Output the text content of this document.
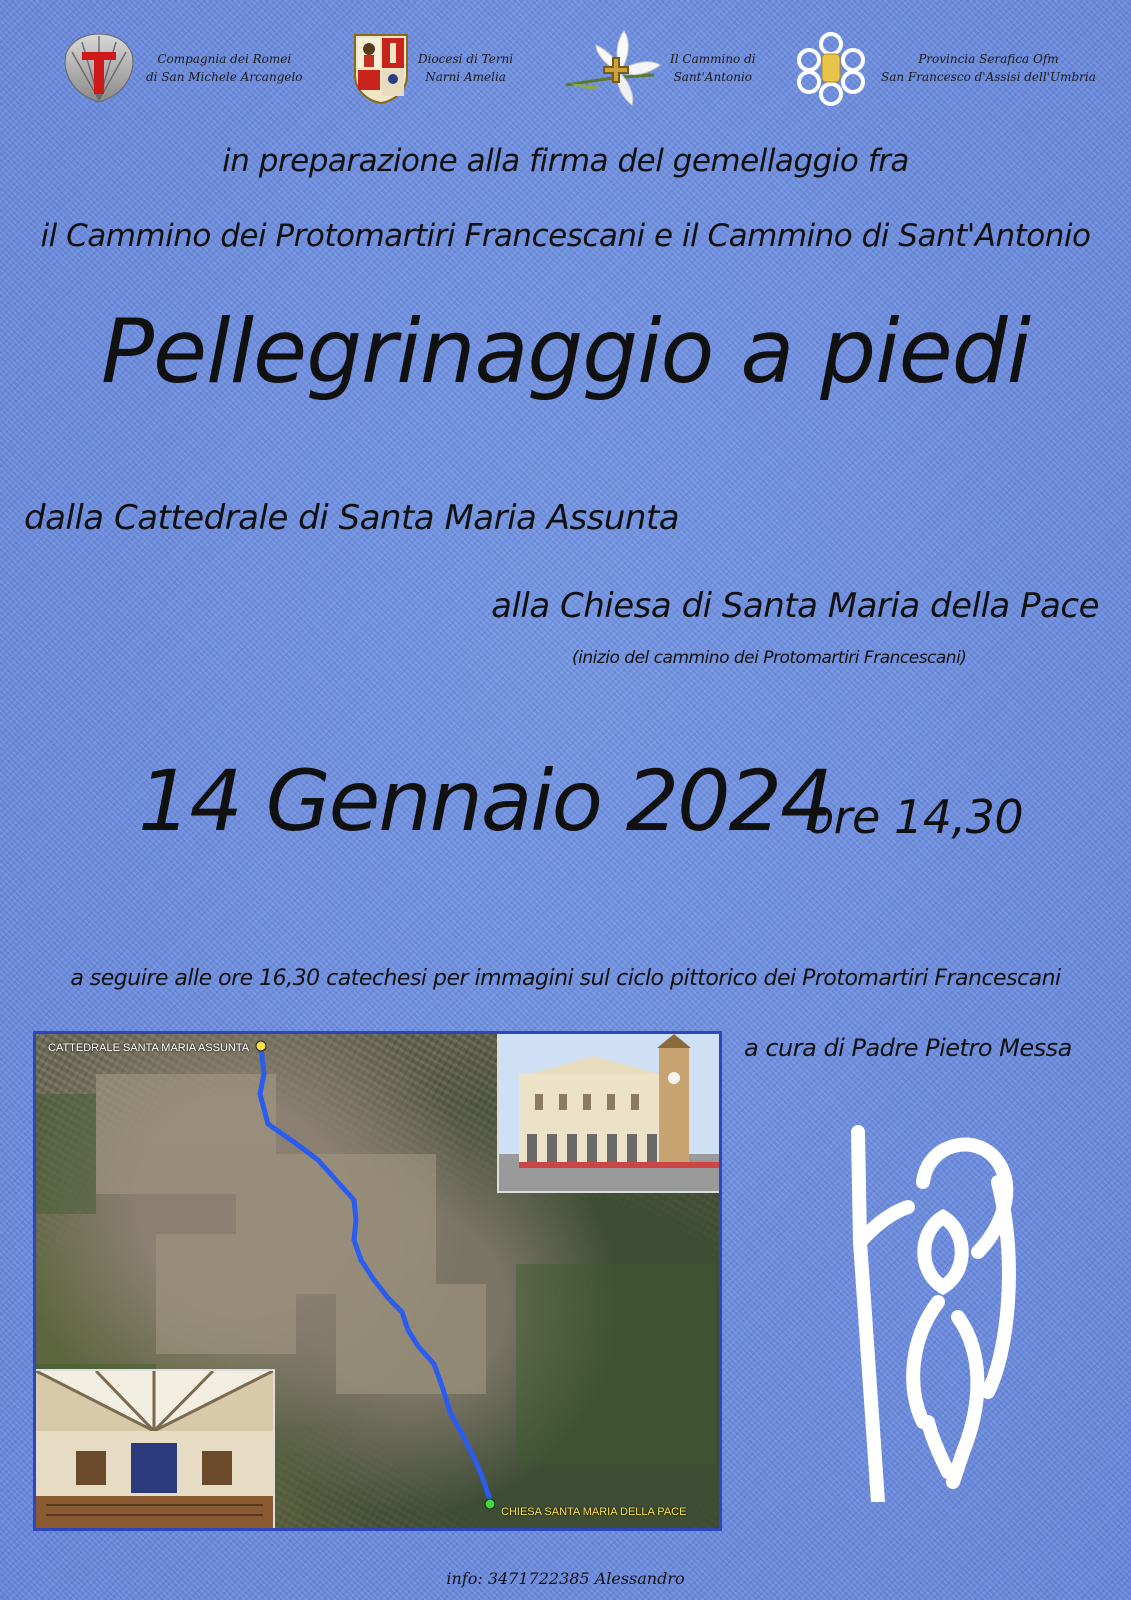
Compagnia dei Romei
di San Michele Arcangelo
Diocesi di Terni
Narni Amelia
Il Cammino di
Sant'Antonio
Provincia Serafica Ofm
San Francesco d'Assisi dell'Umbria
in preparazione alla firma del gemellaggio fra
il Cammino dei Protomartiri Francescani e il Cammino di Sant'Antonio
Pellegrinaggio a piedi
dalla Cattedrale di Santa Maria Assunta
alla Chiesa di Santa Maria della Pace
(inizio del cammino dei Protomartiri Francescani)
14 Gennaio 2024
ore 14,30
a seguire alle ore 16,30 catechesi per immagini sul ciclo pittorico dei Protomartiri Francescani
a cura di Padre Pietro Messa
CATTEDRALE SANTA MARIA ASSUNTA
CHIESA SANTA MARIA DELLA PACE
info: 3471722385 Alessandro
